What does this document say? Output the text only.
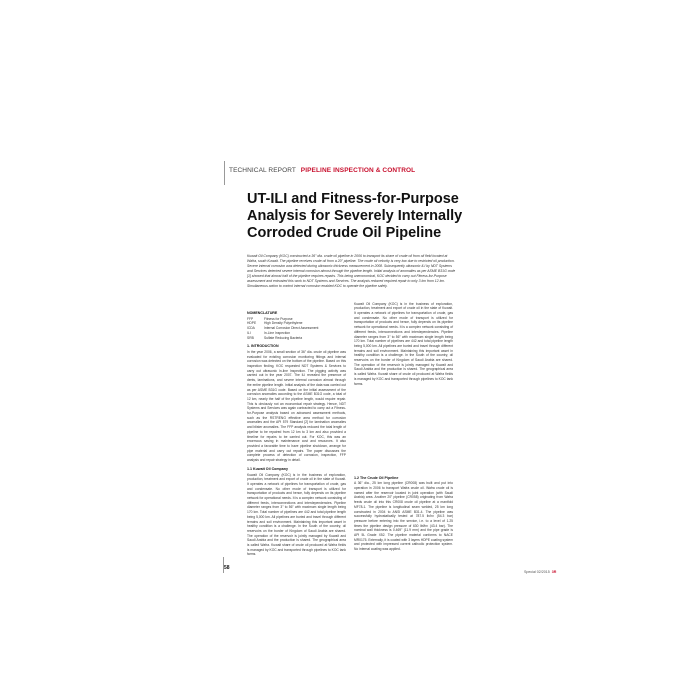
TECHNICAL REPORT PIPELINE INSPECTION & CONTROL
UT-ILI and Fitness-for-Purpose Analysis for Severely Internally Corroded Crude Oil Pipeline
Kuwait Oil Company (KOC) constructed a 36" dia. crude oil pipeline in 2006 to transport its share of crude oil from oil field located at Wafra, south Kuwait. The pipeline receives crude oil from a 20" pipeline. The crude oil velocity is very low due to restricted oil production. Severe internal corrosion was detected during ultrasonic thickness measurement in 2008. Subsequently ultrasonic ILI by NDT Systems and Services detected severe internal corrosion almost through the pipeline length. Initial analysis of anomalies as per ASME B31G code [1] showed that almost half of the pipeline requires repairs. This being uneconomical, KOC decided to carry out Fitness-for-Purpose assessment and entrusted this work to NDT Systems and Services. The analysis reduced required repair to only 3 km from 12 km. Simultaneous action to control internal corrosion enabled KOC to operate the pipeline safely.
NOMENCLATURE
FFP	Fitness for Purpose
HDPE	High Density Polyethylene
ICDA	Internal Corrosion Direct Assessment
ILI	In-Line Inspection
SRB	Sulfate Reducing Bacteria
1. INTRODUCTION
In the year 2006, a small section of 36" dia. crude oil pipeline was evaluated for existing corrosion monitoring fittings and internal corrosion was detected on the bottom of the pipeline. Based on this inspection finding, KOC requested NDT Systems & Services to carry out ultrasonic In-line Inspection. The pigging activity was carried out in the year 2007. The ILI revealed the presence of dents, laminations, and severe internal corrosion almost through the entire pipeline length. Initial analysis of the data was carried out as per ASME B31G code. Based on the initial assessment of the corrosion anomalies according to the ASME B31G code, a total of 12 km, nearly the half of the pipeline length, would require repair. This is obviously not an economical repair strategy. Hence, NDT Systems and Services was again contracted to carry out a Fitness-for-Purpose analysis based on advanced assessment methods, such as the RSTRENG effective area method for corrosion anomalies and the API 579 Standard [2] for lamination anomalies and blister anomalies. The FFP analysis reduced the total length of pipeline to be repaired from 12 km to 3 km and also provided a timeline for repairs to be carried out. For KOC, this was an enormous saving in maintenance cost and resources. It also provided a favorable time to have pipeline shutdown, arrange for pipe material and carry out repairs. The paper discusses the complete process of detection of corrosion, inspection, FFP analysis and repair strategy in detail.
1.1 Kuwait Oil Company
Kuwait Oil Company (KOC) is in the business of exploration, production, treatment and export of crude oil in the state of Kuwait. It operates a network of pipelines for transportation of crude, gas and condensate. No other mode of transport is utilized for transportation of products and hence, fully depends on its pipeline network for operational needs. It is a complex network consisting of different feeds, interconnections and interdependencies. Pipeline diameter ranges from 3" to 56" with maximum single length being 170 km. Total number of pipelines are 442 and total pipeline length being 5,000 km. All pipelines are buried and travel through different terrains and soil environment. Maintaining this important asset in healthy condition is a challenge. In the South of the country, oil reservoirs on the border of Kingdom of Saudi Arabia are shared. The operation of the reservoir is jointly managed by Kuwait and Saudi Arabia and the production is shared. The geographical area is called Wafra. Kuwait share of crude oil produced at Wafra fields is managed by KOC and transported through pipelines to KOC tank farms.
Kuwait Oil Company (KOC) is in the business of exploration, production, treatment and export of crude oil in the state of Kuwait. It operates a network of pipelines for transportation of crude, gas and condensate. No other mode of transport is utilized for transportation of products and hence, fully depends on its pipeline network for operational needs. It is a complex network consisting of different feeds, interconnections and interdependencies. Pipeline diameter ranges from 3" to 56" with maximum single length being 170 km. Total number of pipelines are 442 and total pipeline length being 5,000 km. All pipelines are buried and travel through different terrains and soil environment. Maintaining this important asset in healthy condition is a challenge. In the South of the country, oil reservoirs on the border of Kingdom of Saudi Arabia are shared. The operation of the reservoir is jointly managed by Kuwait and Saudi Arabia and the production is shared. The geographical area is called Wafra. Kuwait share of crude oil produced at Wafra fields is managed by KOC and transported through pipelines to KOC tank farms.
1.2 The Crude Oil Pipeline
A 36" dia., 25 km long pipeline (CR008) was built and put into operation in 2006 to transport Wafra crude oil. Wafra crude oil is named after the reservoir located in joint operation (with Saudi Arabia) area. Another 20" pipeline (CR058) originating from Wafra feeds crude oil into this CR008 crude oil pipeline at a manifold MF78-1. The pipeline is longitudinal seam welded, 25 km long constructed in 2004 to ANSI ASME B31.4. The pipeline was successfully hydrostatically tested at 787.5 lb/in² (54.3 bar) pressure before entering into the service, i.e. to a level of 1.25 times the pipeline design pressure of 630 lbf/in² (43.4 bar). The nominal wall thickness is 0.469" (11.9 mm) and the pipe grade is API 5L Grade X52. The pipeline material conforms to NACE MR0175. Externally, it is coated with 3 layers HDPE coating system and protected with impressed current cathodic protection system. No internal coating was applied.
58
Special 02/2015 3R
